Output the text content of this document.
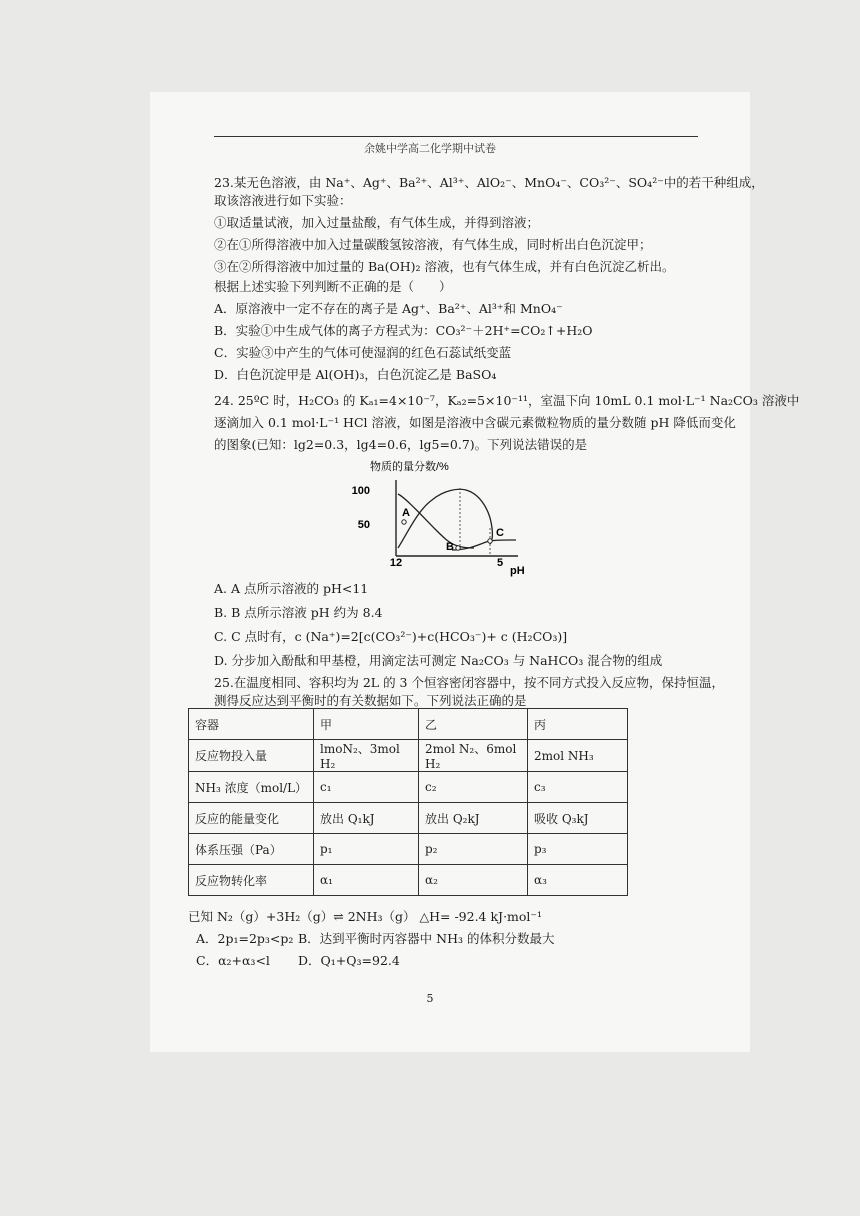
余姚中学高二化学期中试卷
23.某无色溶液，由 Na⁺、Ag⁺、Ba²⁺、Al³⁺、AlO₂⁻、MnO₄⁻、CO₃²⁻、SO₄²⁻中的若干种组成，
取该溶液进行如下实验：
①取适量试液，加入过量盐酸，有气体生成，并得到溶液；
②在①所得溶液中加入过量碳酸氢铵溶液，有气体生成，同时析出白色沉淀甲；
③在②所得溶液中加过量的 Ba(OH)₂ 溶液，也有气体生成，并有白色沉淀乙析出。
根据上述实验下列判断不正确的是（　　）
A．原溶液中一定不存在的离子是 Ag⁺、Ba²⁺、Al³⁺和 MnO₄⁻
B．实验①中生成气体的离子方程式为：CO₃²⁻＋2H⁺=CO₂↑+H₂O
C．实验③中产生的气体可使湿润的红色石蕊试纸变蓝
D．白色沉淀甲是 Al(OH)₃，白色沉淀乙是 BaSO₄
24. 25ºC 时，H₂CO₃ 的 Kₐ₁=4×10⁻⁷，Kₐ₂=5×10⁻¹¹，室温下向 10mL 0.1 mol·L⁻¹ Na₂CO₃ 溶液中
逐滴加入 0.1 mol·L⁻¹ HCl 溶液，如图是溶液中含碳元素微粒物质的量分数随 pH 降低而变化
的图象(已知：lg2=0.3，lg4=0.6，lg5=0.7)。下列说法错误的是
物质的量分数/%
100
50
12	5
pH
A
B
C
A. A 点所示溶液的 pH<11
B. B 点所示溶液 pH 约为 8.4
C. C 点时有，c (Na⁺)=2[c(CO₃²⁻)+c(HCO₃⁻)+ c (H₂CO₃)]
D. 分步加入酚酞和甲基橙，用滴定法可测定 Na₂CO₃ 与 NaHCO₃ 混合物的组成
25.在温度相同、容积均为 2L 的 3 个恒容密闭容器中，按不同方式投入反应物，保持恒温，
测得反应达到平衡时的有关数据如下。下列说法正确的是
容器	甲	乙	丙
反应物投入量	lmoN₂、3mol H₂	2mol N₂、6mol H₂	2mol NH₃
NH₃ 浓度（mol/L）	c₁	c₂	c₃
反应的能量变化	放出 Q₁kJ	放出 Q₂kJ	吸收 Q₃kJ
体系压强（Pa）	p₁	p₂	p₃
反应物转化率	α₁	α₂	α₃
已知 N₂（g）+3H₂（g）⇌ 2NH₃（g） △H= -92.4 kJ·mol⁻¹
A．2p₁=2p₃<p₂ B．达到平衡时丙容器中 NH₃ 的体积分数最大
C．α₂+α₃<l D．Q₁+Q₃=92.4
5
